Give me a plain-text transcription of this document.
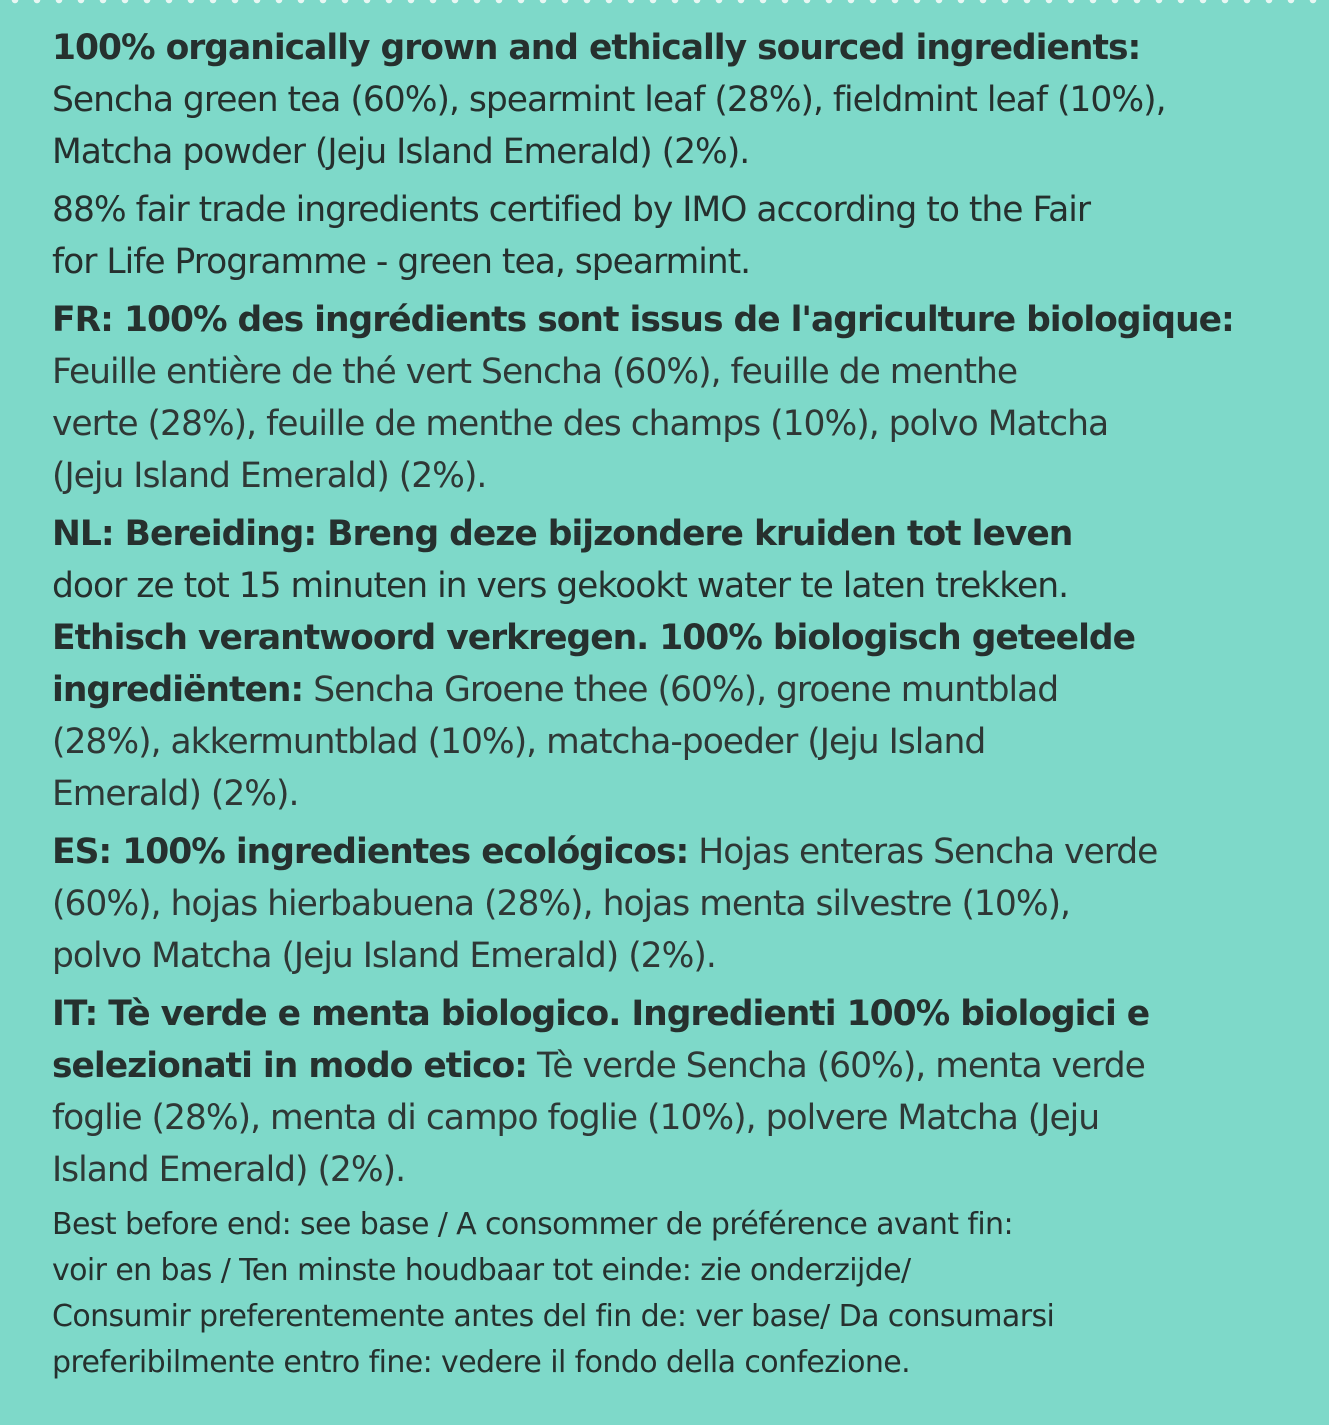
100% organically grown and ethically sourced ingredients:

Sencha green tea (60%), spearmint leaf (28%), fieldmint leaf (10%),

Matcha powder (Jeju Island Emerald) (2%).

88% fair trade ingredients certified by IMO according to the Fair

for Life Programme - green tea, spearmint.

FR: 100% des ingrédients sont issus de l'agriculture biologique:

Feuille entière de thé vert Sencha (60%), feuille de menthe

verte (28%), feuille de menthe des champs (10%), polvo Matcha

(Jeju Island Emerald) (2%).

NL: Bereiding: Breng deze bijzondere kruiden tot leven

door ze tot 15 minuten in vers gekookt water te laten trekken.

Ethisch verantwoord verkregen. 100% biologisch geteelde

ingrediënten: Sencha Groene thee (60%), groene muntblad

(28%), akkermuntblad (10%), matcha-poeder (Jeju Island

Emerald) (2%).

ES: 100% ingredientes ecológicos: Hojas enteras Sencha verde

(60%), hojas hierbabuena (28%), hojas menta silvestre (10%),

polvo Matcha (Jeju Island Emerald) (2%).

IT: Tè verde e menta biologico. Ingredienti 100% biologici e

selezionati in modo etico: Tè verde Sencha (60%), menta verde

foglie (28%), menta di campo foglie (10%), polvere Matcha (Jeju

Island Emerald) (2%).

Best before end: see base / A consommer de préférence avant fin:

voir en bas / Ten minste houdbaar tot einde: zie onderzijde/

Consumir preferentemente antes del fin de: ver base/ Da consumarsi

preferibilmente entro fine: vedere il fondo della confezione.
